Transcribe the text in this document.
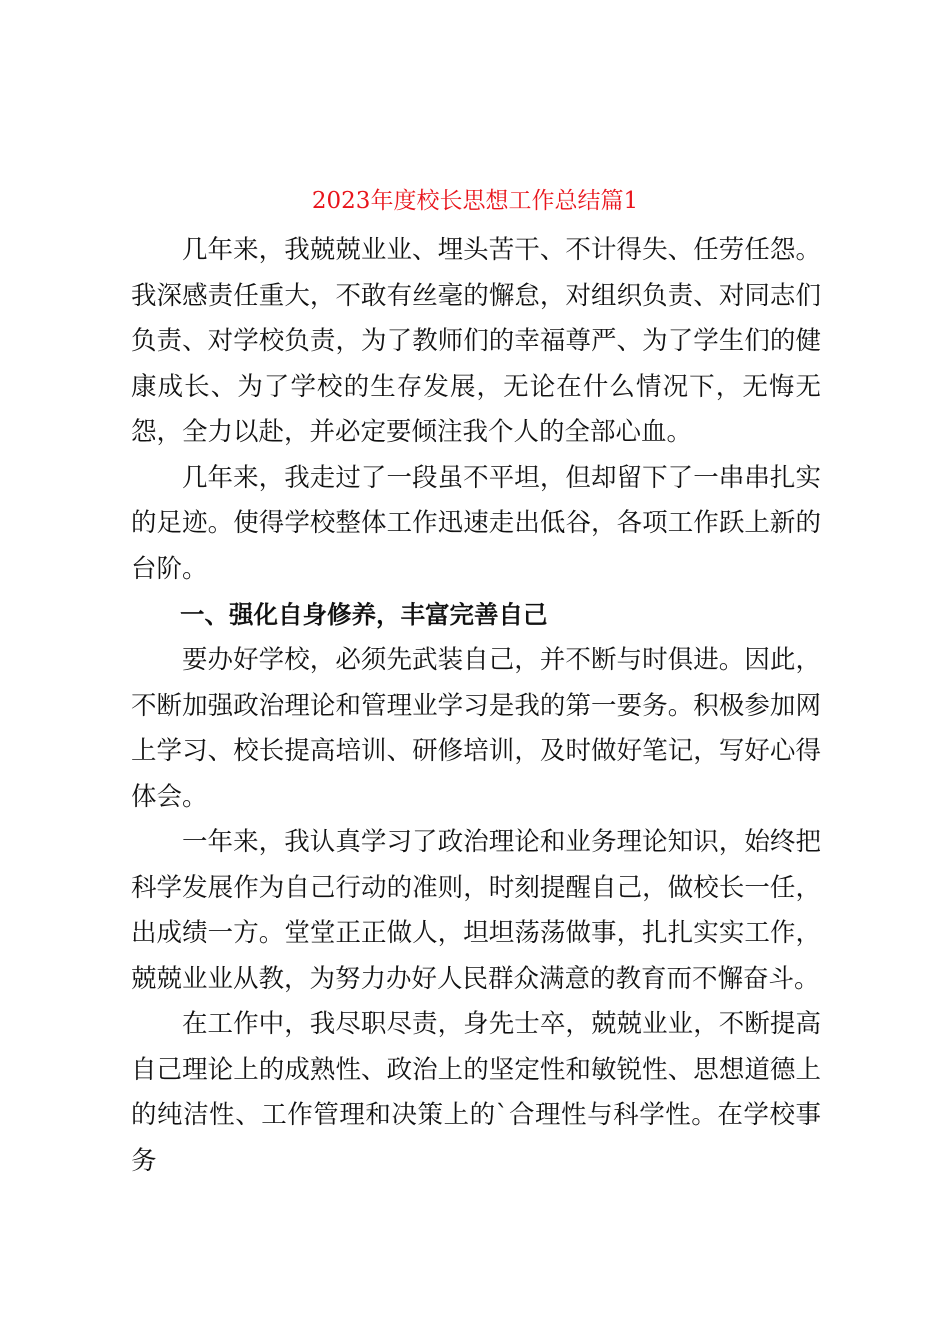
2023年度校长思想工作总结篇1

几年来，我兢兢业业、埋头苦干、不计得失、任劳任怨。我深感责任重大，不敢有丝毫的懈怠，对组织负责、对同志们负责、对学校负责，为了教师们的幸福尊严、为了学生们的健康成长、为了学校的生存发展，无论在什么情况下，无悔无怨，全力以赴，并必定要倾注我个人的全部心血。

几年来，我走过了一段虽不平坦，但却留下了一串串扎实的足迹。使得学校整体工作迅速走出低谷，各项工作跃上新的台阶。

一、强化自身修养，丰富完善自己

要办好学校，必须先武装自己，并不断与时俱进。因此，不断加强政治理论和管理业学习是我的第一要务。积极参加网上学习、校长提高培训、研修培训，及时做好笔记，写好心得体会。

一年来，我认真学习了政治理论和业务理论知识，始终把科学发展作为自己行动的准则，时刻提醒自己，做校长一任，出成绩一方。堂堂正正做人，坦坦荡荡做事，扎扎实实工作，兢兢业业从教，为努力办好人民群众满意的教育而不懈奋斗。

在工作中，我尽职尽责，身先士卒，兢兢业业，不断提高自己理论上的成熟性、政治上的坚定性和敏锐性、思想道德上的纯洁性、工作管理和决策上的`合理性与科学性。在学校事务
